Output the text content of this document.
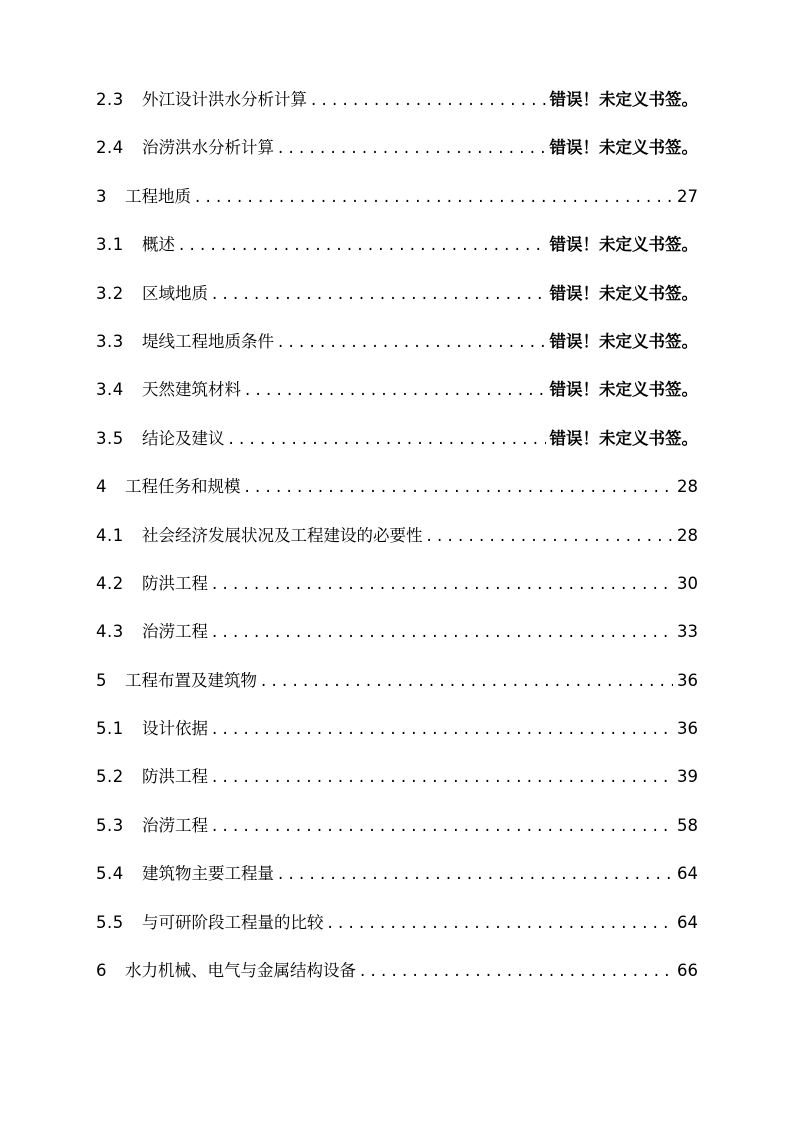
2.3	外江设计洪水分析计算 . . .	错误！未定义书签。
2.4	治涝洪水分析计算 . . .	错误！未定义书签。
3	工程地质 . . .	27
3.1	概述 . . .	错误！未定义书签。
3.2	区域地质 . . .	错误！未定义书签。
3.3	堤线工程地质条件 . . .	错误！未定义书签。
3.4	天然建筑材料 . . .	错误！未定义书签。
3.5	结论及建议 . . .	错误！未定义书签。
4	工程任务和规模 . . .	28
4.1	社会经济发展状况及工程建设的必要性 . . .	28
4.2	防洪工程 . . .	30
4.3	治涝工程 . . .	33
5	工程布置及建筑物 . . .	36
5.1	设计依据 . . .	36
5.2	防洪工程 . . .	39
5.3	治涝工程 . . .	58
5.4	建筑物主要工程量 . . .	64
5.5	与可研阶段工程量的比较 . . .	64
6	水力机械、电气与金属结构设备 . . .	66
